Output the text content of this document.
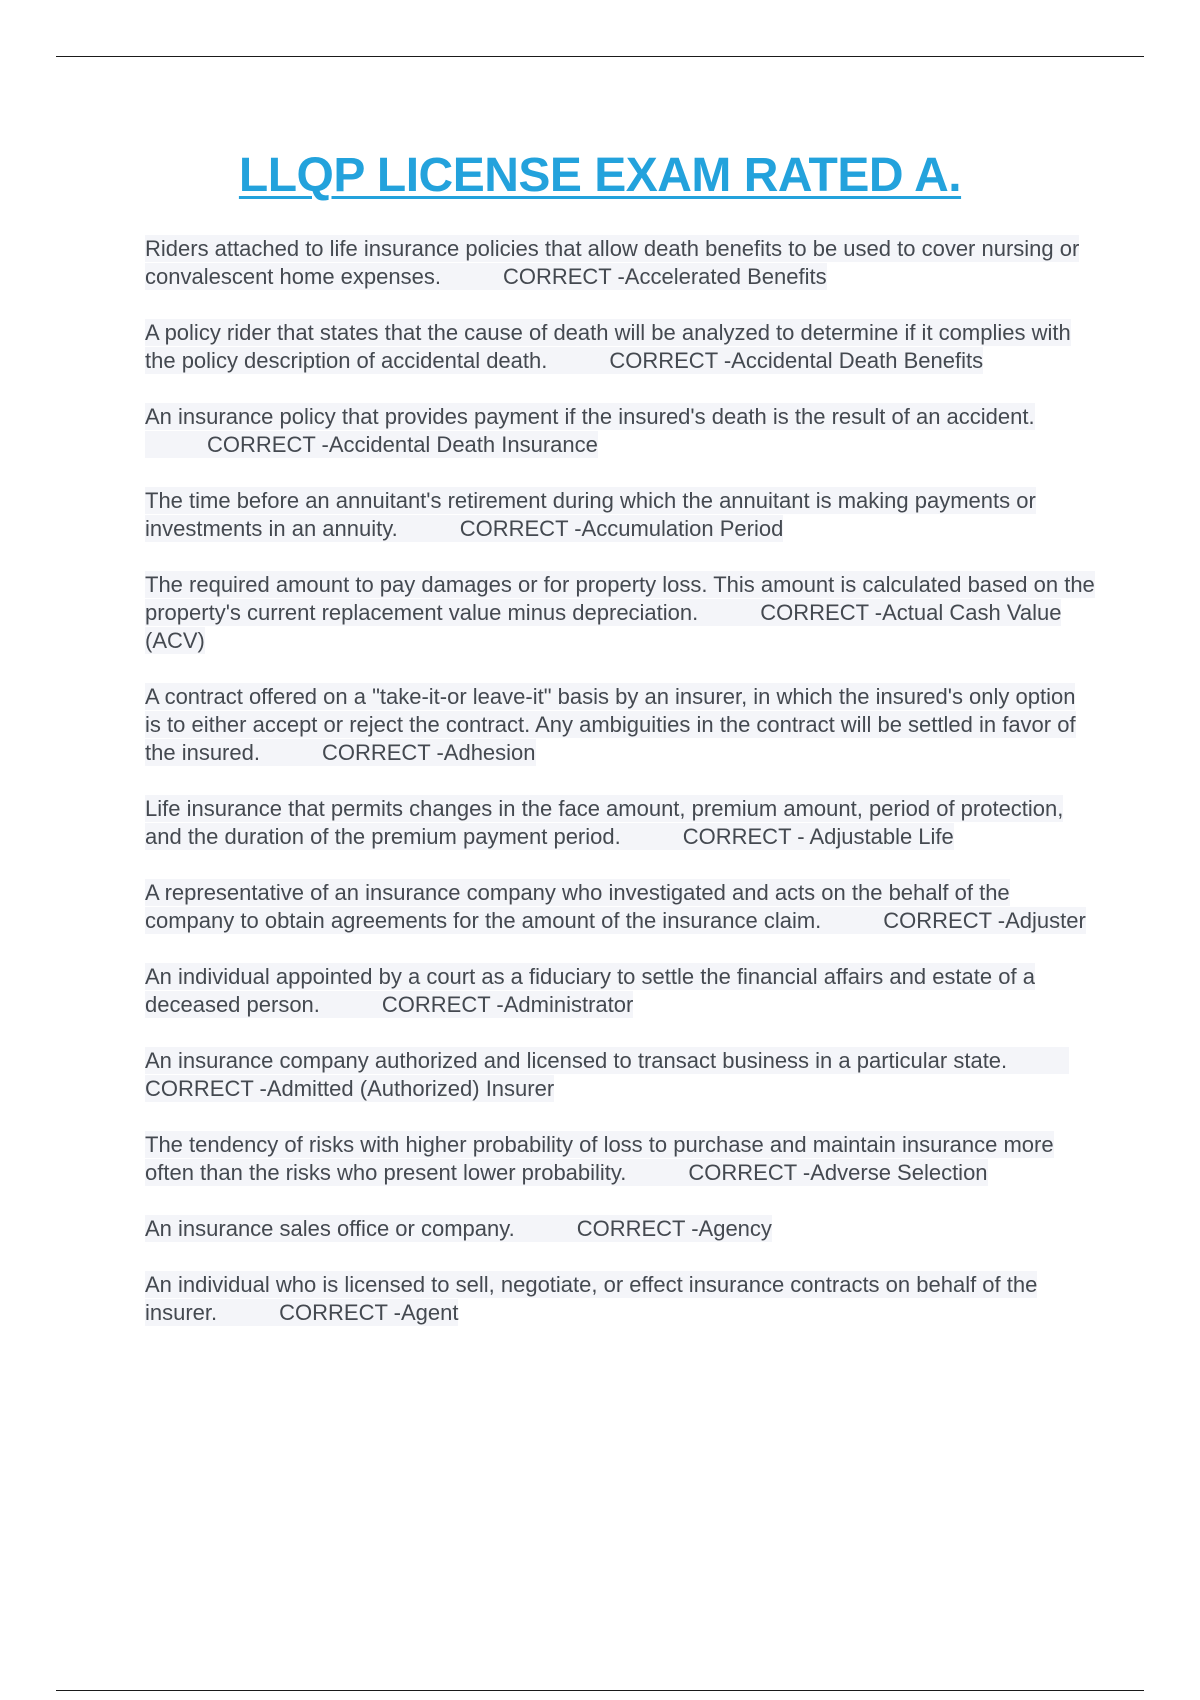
LLQP LICENSE EXAM RATED A.

Riders attached to life insurance policies that allow death benefits to be used to cover nursing or convalescent home expenses.	CORRECT -Accelerated Benefits

A policy rider that states that the cause of death will be analyzed to determine if it complies with the policy description of accidental death.	CORRECT -Accidental Death Benefits

An insurance policy that provides payment if the insured's death is the result of an accident.CORRECT -Accidental Death Insurance

The time before an annuitant's retirement during which the annuitant is making payments or investments in an annuity.	CORRECT -Accumulation Period

The required amount to pay damages or for property loss. This amount is calculated based on the property's current replacement value minus depreciation.	CORRECT -Actual Cash Value (ACV)

A contract offered on a "take-it-or leave-it" basis by an insurer, in which the insured's only option is to either accept or reject the contract. Any ambiguities in the contract will be settled in favor of the insured.	CORRECT -Adhesion

Life insurance that permits changes in the face amount, premium amount, period of protection, and the duration of the premium payment period.	CORRECT - Adjustable Life

A representative of an insurance company who investigated and acts on the behalf of the company to obtain agreements for the amount of the insurance claim.	CORRECT -Adjuster

An individual appointed by a court as a fiduciary to settle the financial affairs and estate of a deceased person.	CORRECT -Administrator

An insurance company authorized and licensed to transact business in a particular state.CORRECT -Admitted (Authorized) Insurer

The tendency of risks with higher probability of loss to purchase and maintain insurance more often than the risks who present lower probability.	CORRECT -Adverse Selection

An insurance sales office or company.	CORRECT -Agency

An individual who is licensed to sell, negotiate, or effect insurance contracts on behalf of the insurer.	CORRECT -Agent
